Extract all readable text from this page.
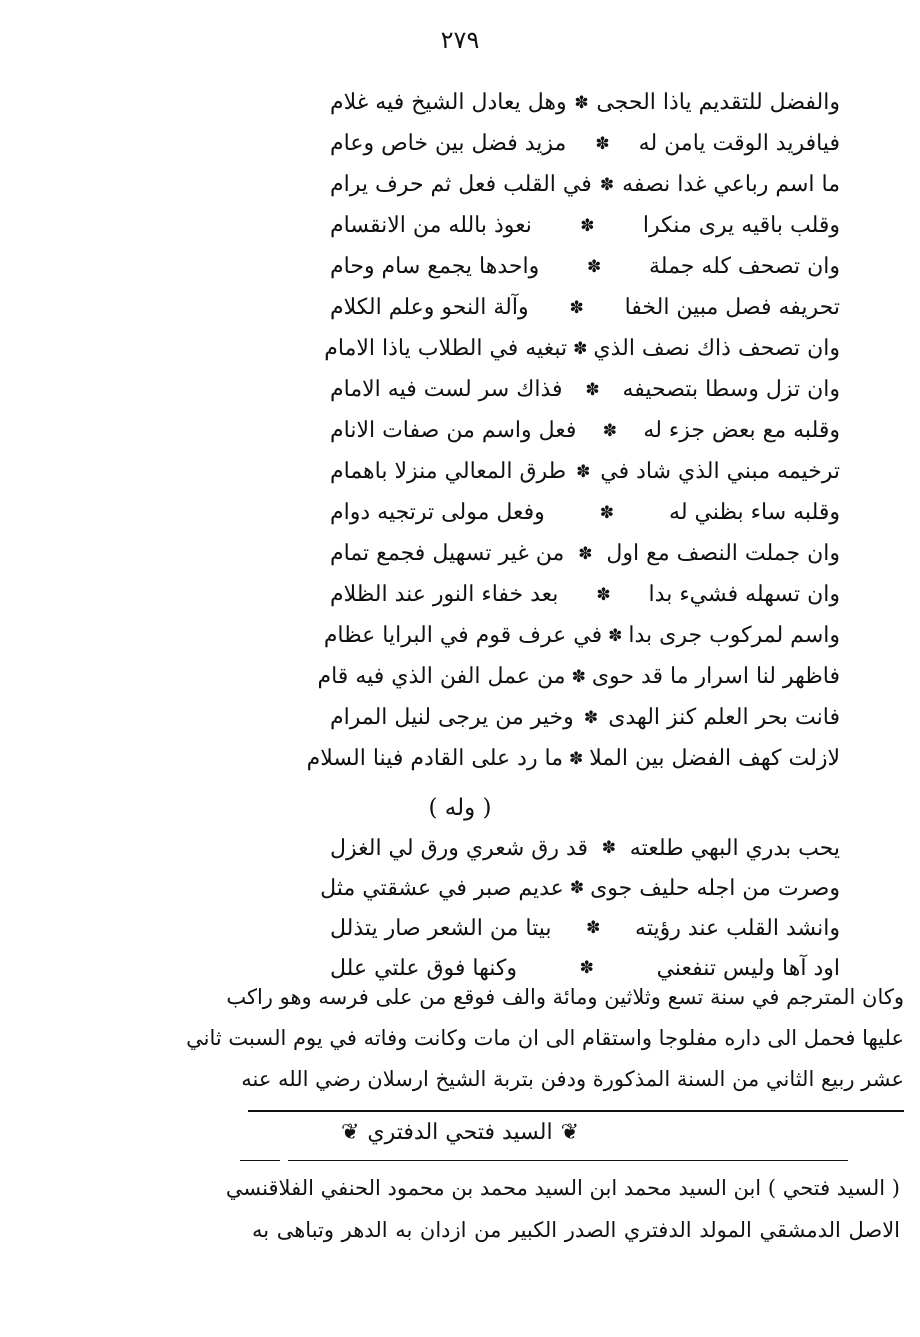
٢٧٩
والفضل للتقديم ياذا الحجى
✽
وهل يعادل الشيخ فيه غلام
فيافريد الوقت يامن له
✽
مزيد فضل بين خاص وعام
ما اسم رباعي غدا نصفه
✽
في القلب فعل ثم حرف يرام
وقلب باقيه يرى منكرا
✽
نعوذ بالله من الانقسام
وان تصحف كله جملة
✽
واحدها يجمع سام وحام
تحريفه فصل مبين الخفا
✽
وآلة النحو وعلم الكلام
وان تصحف ذاك نصف الذي
✽
تبغيه في الطلاب ياذا الامام
وان تزل وسطا بتصحيفه
✽
فذاك سر لست فيه الامام
وقلبه مع بعض جزء له
✽
فعل واسم من صفات الانام
ترخيمه مبني الذي شاد في
✽
طرق المعالي منزلا باهمام
وقلبه ساء بظني له
✽
وفعل مولى ترتجيه دوام
وان جملت النصف مع اول
✽
من غير تسهيل فجمع تمام
وان تسهله فشيء بدا
✽
بعد خفاء النور عند الظلام
واسم لمركوب جرى بدا
✽
في عرف قوم في البرايا عظام
فاظهر لنا اسرار ما قد حوى
✽
من عمل الفن الذي فيه قام
فانت بحر العلم كنز الهدى
✽
وخير من يرجى لنيل المرام
لازلت كهف الفضل بين الملا
✽
ما رد على القادم فينا السلام
( وله )
يحب بدري البهي طلعته
✽
قد رق شعري ورق لي الغزل
وصرت من اجله حليف جوى
✽
عديم صبر في عشقتي مثل
وانشد القلب عند رؤيته
✽
بيتا من الشعر صار يتذلل
اود آها وليس تنفعني
✽
وكنها فوق علتي علل
وكان المترجم في سنة تسع وثلاثين ومائة والف فوقع من على فرسه وهو راكب
عليها فحمل الى داره مفلوجا واستقام الى ان مات وكانت وفاته في يوم السبت ثاني
عشر ربيع الثاني من السنة المذكورة ودفن بتربة الشيخ ارسلان رضي الله عنه
❦السيد فتحي الدفتري❦
( السيد فتحي ) ابن السيد محمد ابن السيد محمد بن محمود الحنفي الفلاقنسي
الاصل الدمشقي المولد الدفتري الصدر الكبير من ازدان به الدهر وتباهى به
